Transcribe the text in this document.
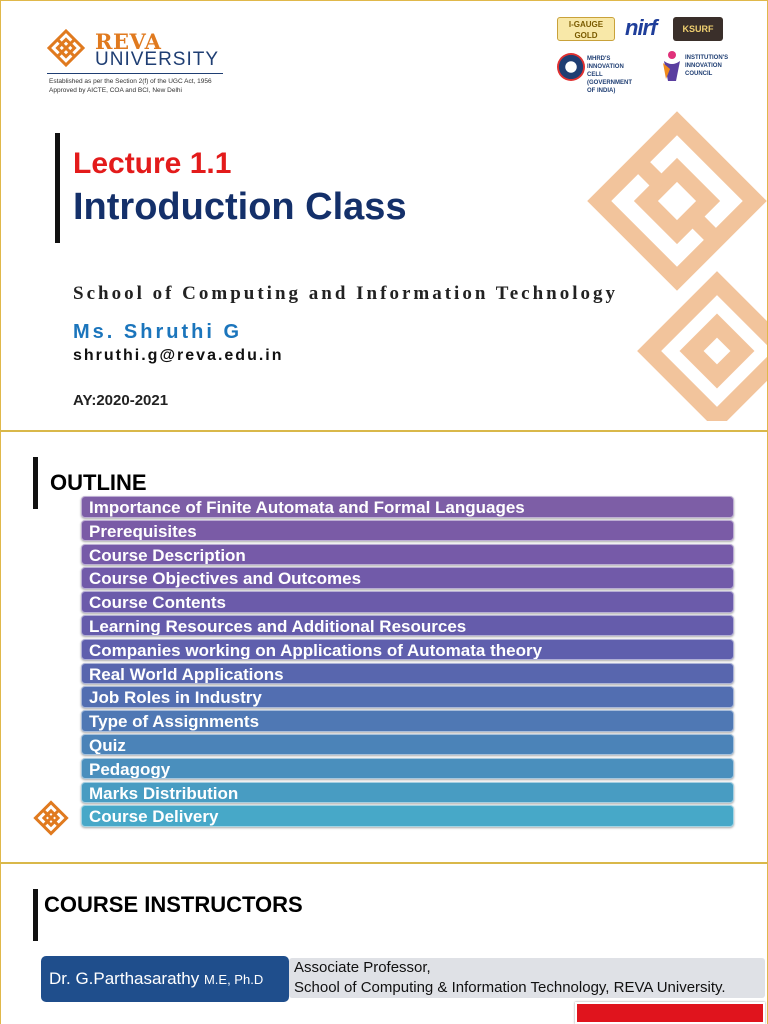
REVA
UNIVERSITY
Established as per the Section 2(f) of the UGC Act, 1956
Approved by AICTE, COA and BCI, New Delhi
I-GAUGE
GOLD	nirf	KSURF
MHRD'S
INNOVATION CELL
(GOVERNMENT OF INDIA)
INSTITUTION'S
INNOVATION
COUNCIL
Lecture 1.1
Introduction Class
School of Computing and Information Technology
Ms. Shruthi G
shruthi.g@reva.edu.in
AY:2020-2021
OUTLINE
Importance of Finite Automata and Formal Languages
Prerequisites
Course Description
Course Objectives and Outcomes
Course Contents
Learning Resources and Additional Resources
Companies working on Applications of Automata theory
Real World Applications
Job Roles in Industry
Type of Assignments
Quiz
Pedagogy
Marks Distribution
Course Delivery
COURSE INSTRUCTORS
Dr. G.Parthasarathy M.E, Ph.D
Associate Professor,
School of Computing & Information Technology, REVA University.
